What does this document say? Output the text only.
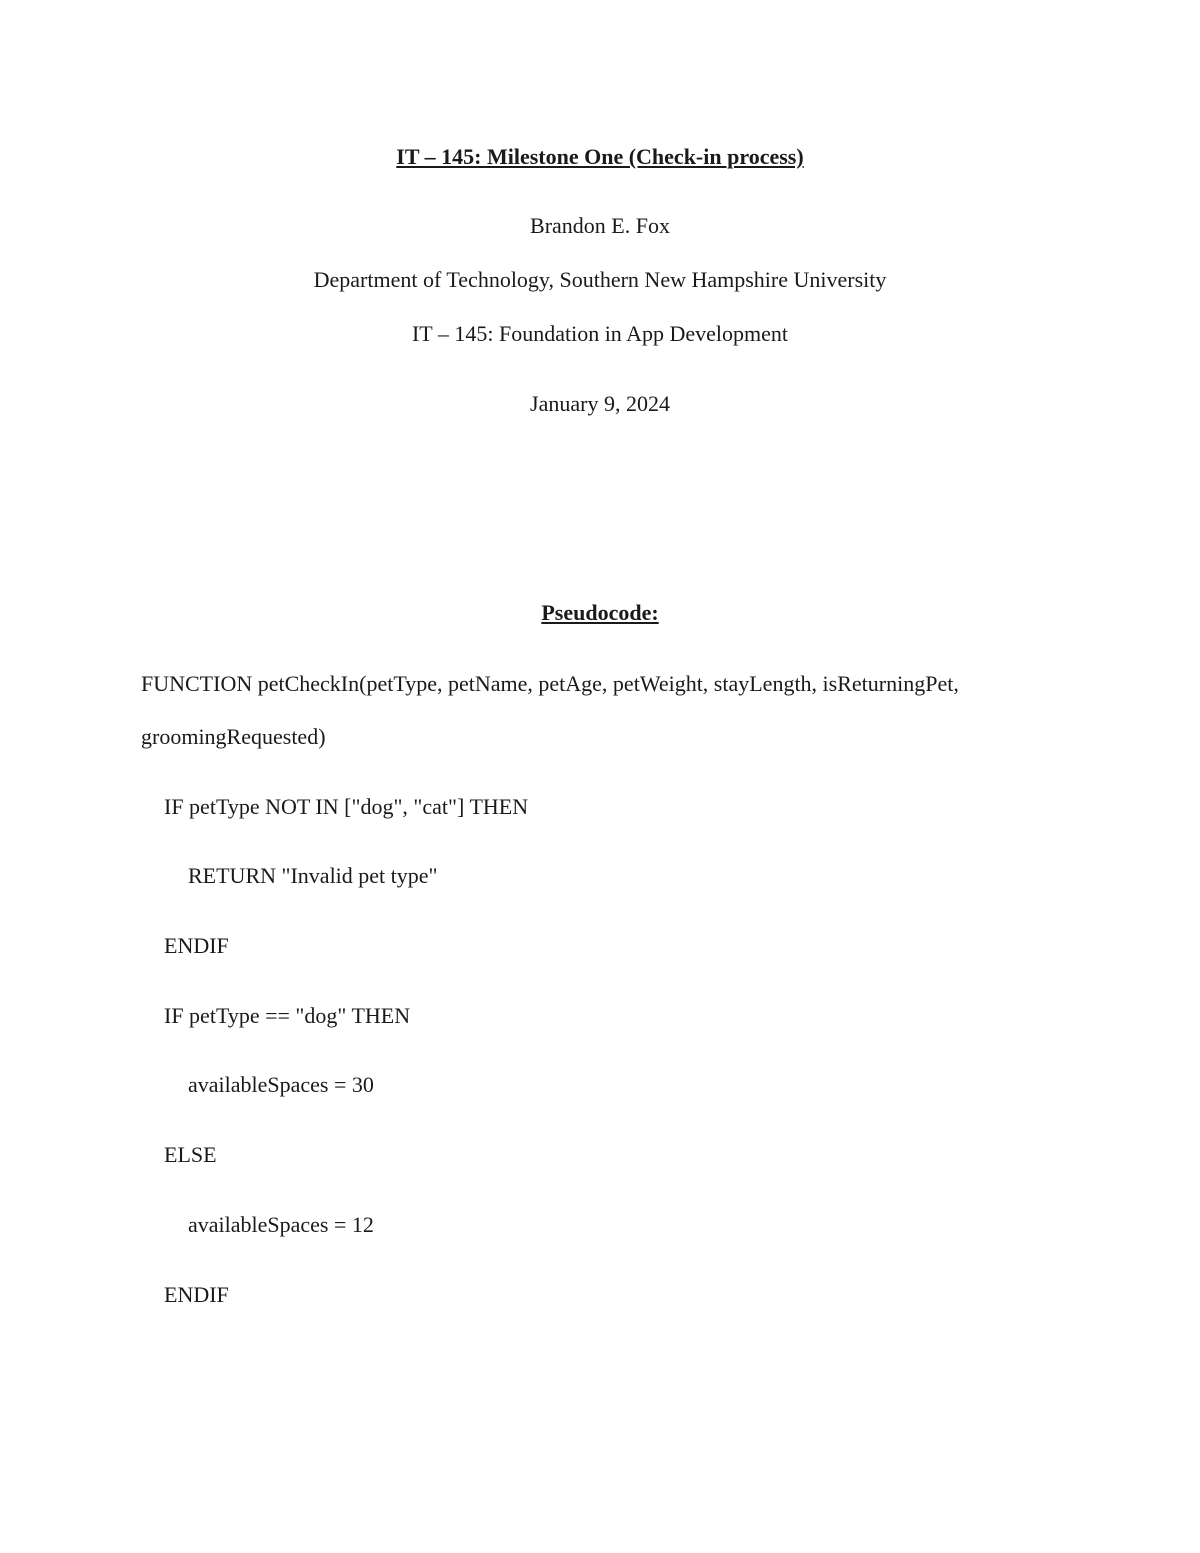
IT – 145: Milestone One (Check-in process)
Brandon E. Fox
Department of Technology, Southern New Hampshire University
IT – 145: Foundation in App Development
January 9, 2024
Pseudocode:
FUNCTION petCheckIn(petType, petName, petAge, petWeight, stayLength, isReturningPet,
groomingRequested)
IF petType NOT IN ["dog", "cat"] THEN
RETURN "Invalid pet type"
ENDIF
IF petType == "dog" THEN
availableSpaces = 30
ELSE
availableSpaces = 12
ENDIF
